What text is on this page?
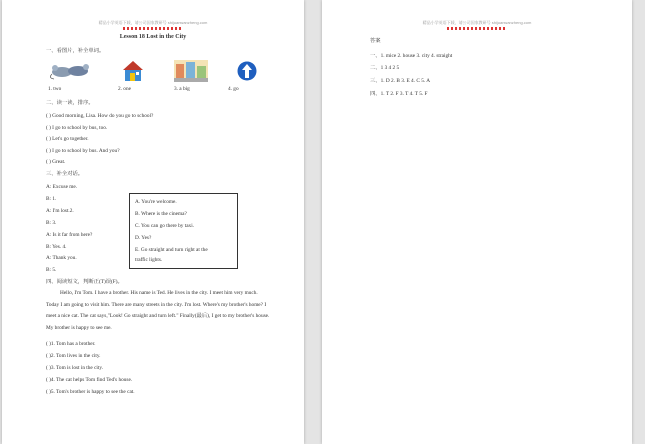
精品小学英语下载，请公司国家教研号 shijuanwanzheng.com
Lesson 18 Lost in the City
一、看图片，补全单词。
1. two	2. one	3. a big	4. go
二、读一读，排序。
( ) Good morning, Lisa. How do you go to school?
( ) I go to school by bus, too.
( ) Let's go together.
( ) I go to school by bus. And you?
( ) Great.
三、补全对话。
A: Excuse me.
B: 1.
A: I'm lost.2.
B: 3.
A: Is it far from here?
B: Yes. 4.
A: Thank you.
B: 5.
A. You're welcome.
B. Where is the cinema?
C. You can go there by taxi.
D. Yes?
E. Go straight and turn right at the
traffic lights.
四、阅读短文，判断正(T)误(F)。
Hello, I'm Tom. I have a brother. His name is Ted. He lives in the city. I meet him very much. Today I am going to visit him. There are many streets in the city. I'm lost. Where's my brother's home? I meet a nice cat. The cat says,"Look! Go straight and turn left." Finally(最后), I get to my brother's house. My brother is happy to see me.
( )1. Tom has a brother.
( )2. Tom lives in the city.
( )3. Tom is lost in the city.
( )4. The cat helps Tom find Ted's house.
( )5. Tom's brother is happy to see the cat.
精品小学英语下载，请公司国家教研号 shijuanwanzheng.com
答案
一、1. mice 2. house 3. city 4. straight
二、1 3 4 2 5
三、1. D 2. B 3. E 4. C 5. A
四、1. T 2. F 3. T 4. T 5. F
